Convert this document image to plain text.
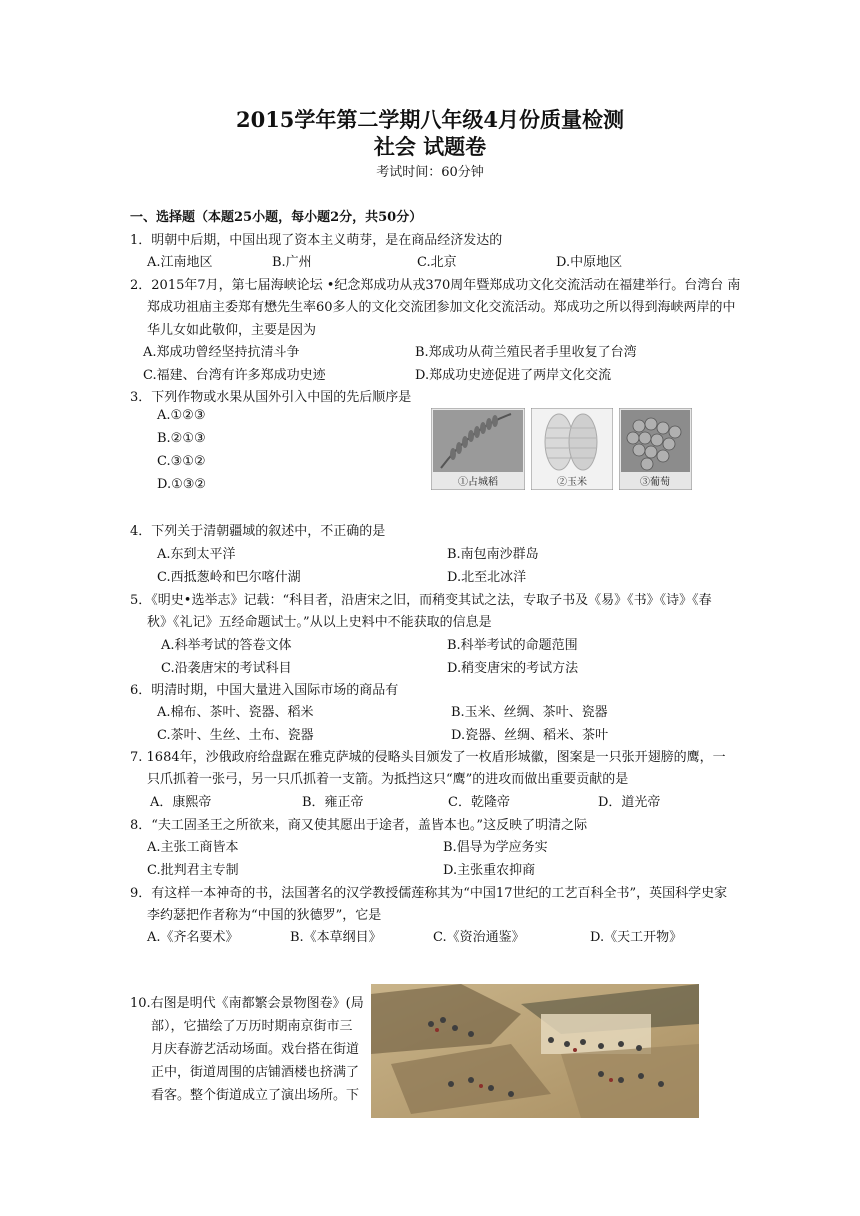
2015学年第二学期八年级4月份质量检测
社会 试题卷
考试时间：60分钟
一、选择题（本题25小题，每小题2分，共50分）
1．明朝中后期，中国出现了资本主义萌芽，是在商品经济发达的
A.江南地区	B.广州	C.北京	D.中原地区
2．2015年7月，第七届海峡论坛 •纪念郑成功从戎370周年暨郑成功文化交流活动在福建举行。台湾台 南
郑成功祖庙主委郑有懋先生率60多人的文化交流团参加文化交流活动。郑成功之所以得到海峡两岸的中
华儿女如此敬仰，主要是因为
A.郑成功曾经坚持抗清斗争	B.郑成功从荷兰殖民者手里收复了台湾
C.福建、台湾有许多郑成功史迹	D.郑成功史迹促进了两岸文化交流
3．下列作物或水果从国外引入中国的先后顺序是
A.①②③
B.②①③
C.③①②
D.①③②	①占城稻	②玉米	③葡萄
4．下列关于清朝疆域的叙述中，不正确的是
A.东到太平洋	B.南包南沙群岛
C.西抵葱岭和巴尔喀什湖	D.北至北冰洋
5．《明史•选举志》记载：“科目者，沿唐宋之旧，而稍变其试之法，专取子书及《易》《书》《诗》《春
秋》《礼记》五经命题试士。”从以上史料中不能获取的信息是
A.科举考试的答卷文体	B.科举考试的命题范围
C.沿袭唐宋的考试科目	D.稍变唐宋的考试方法
6．明清时期，中国大量进入国际市场的商品有
A.棉布、茶叶、瓷器、稻米	B.玉米、丝绸、茶叶、瓷器
C.茶叶、生丝、土布、瓷器	D.瓷器、丝绸、稻米、茶叶
7. 1684年，沙俄政府给盘踞在雅克萨城的侵略头目颁发了一枚盾形城徽，图案是一只张开翅膀的鹰，一
只爪抓着一张弓，另一只爪抓着一支箭。为抵挡这只“鹰”的进攻而做出重要贡献的是
A．康熙帝	B．雍正帝	C．乾隆帝	D．道光帝
8．“夫工固圣王之所欲来，商又使其愿出于途者，盖皆本也。”这反映了明清之际
A.主张工商皆本	B.倡导为学应务实
C.批判君主专制	D.主张重农抑商
9．有这样一本神奇的书，法国著名的汉学教授儒莲称其为“中国17世纪的工艺百科全书”，英国科学史家
李约瑟把作者称为“中国的狄德罗”，它是
A.《齐名要术》	B.《本草纲目》	C.《资治通鉴》	D.《天工开物》
10.右图是明代《南都繁会景物图卷》(局
部），它描绘了万历时期南京街市三
月庆春游艺活动场面。戏台搭在街道
正中，街道周围的店铺酒楼也挤满了
看客。整个街道成立了演出场所。下
